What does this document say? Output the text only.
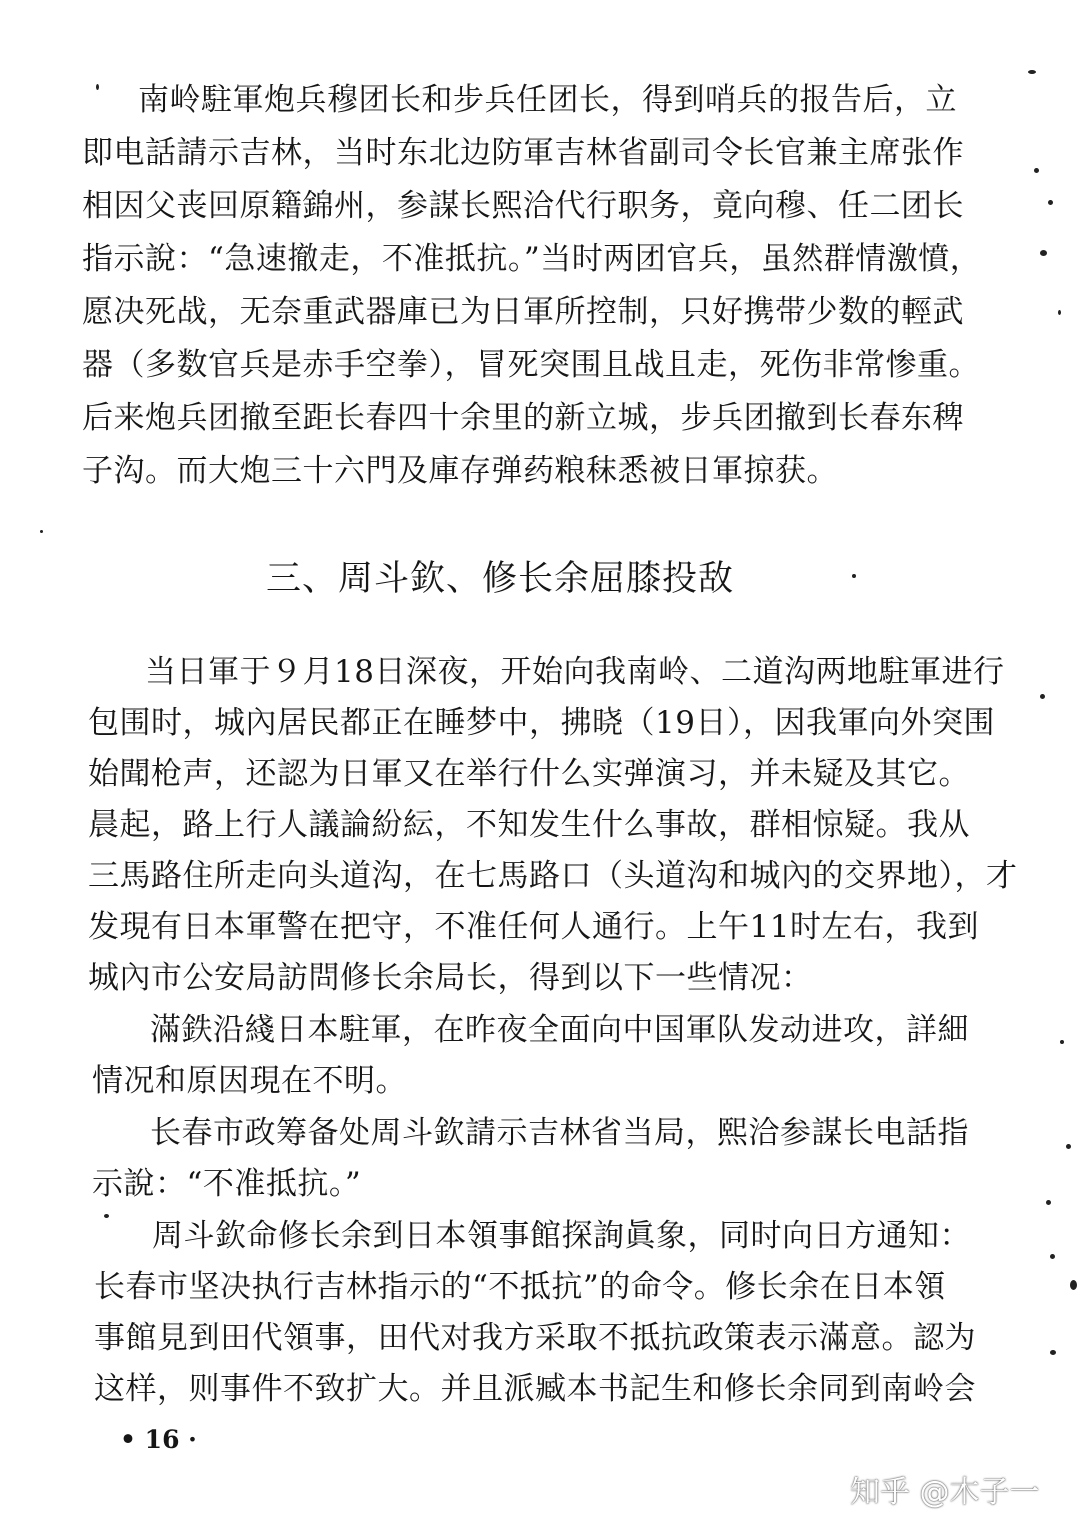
南岭駐軍炮兵穆团长和步兵任团长，得到哨兵的报告后，立
即电話請示吉林，当时东北边防軍吉林省副司令长官兼主席张作
相因父丧回原籍錦州，参謀长熙洽代行职务，竟向穆、任二团长
指示說：“急速撤走，不准抵抗。”当时两团官兵，虽然群情激憤，
愿决死战，无奈重武器庫已为日軍所控制，只好携带少数的輕武
器（多数官兵是赤手空拳），冒死突围且战且走，死伤非常惨重。
后来炮兵团撤至距长春四十余里的新立城，步兵团撤到长春东稗
子沟。而大炮三十六門及庫存弹药粮秣悉被日軍掠获。
三、周斗欽、修长余屈膝投敌
当日軍于９月18日深夜，开始向我南岭、二道沟两地駐軍进行
包围时，城內居民都正在睡梦中，拂晓（19日），因我軍向外突围
始聞枪声，还認为日軍又在举行什么实弹演习，并未疑及其它。
晨起，路上行人議論紛紜，不知发生什么事故，群相惊疑。我从
三馬路住所走向头道沟，在七馬路口（头道沟和城內的交界地），才
发現有日本軍警在把守，不准任何人通行。上午11时左右，我到
城內市公安局訪問修长余局长，得到以下一些情况：
滿鉄沿綫日本駐軍，在昨夜全面向中国軍队发动进攻，詳細
情况和原因現在不明。
长春市政筹备处周斗欽請示吉林省当局，熙洽参謀长电話指
示說：“不准抵抗。”
周斗欽命修长余到日本領事館探詢眞象，同时向日方通知：
长春市坚决执行吉林指示的“不抵抗”的命令。修长余在日本領
事館見到田代領事，田代对我方采取不抵抗政策表示滿意。認为
这样，则事件不致扩大。并且派臧本书記生和修长余同到南岭会
• 16 ·
知乎 @木子一
